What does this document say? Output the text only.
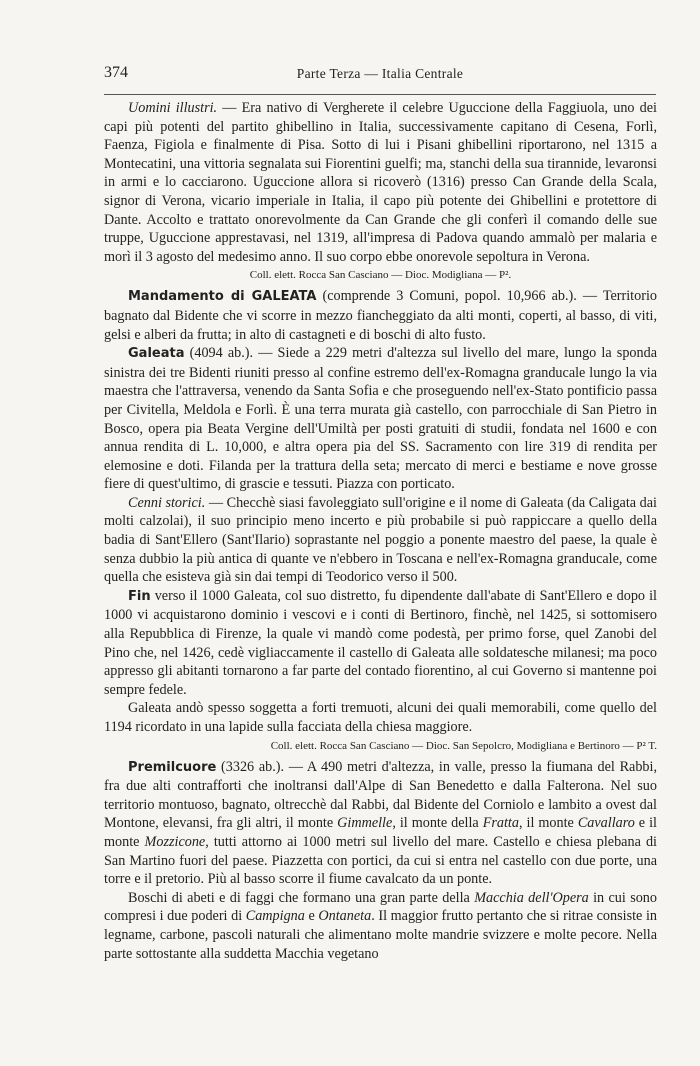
374	Parte Terza — Italia Centrale

Uomini illustri. — Era nativo di Vergherete il celebre Uguccione della Faggiuola, uno dei capi più potenti del partito ghibellino in Italia, successivamente capitano di Cesena, Forlì, Faenza, Figiola e finalmente di Pisa. Sotto di lui i Pisani ghibellini riportarono, nel 1315 a Montecatini, una vittoria segnalata sui Fiorentini guelfi; ma, stanchi della sua tirannide, levaronsi in armi e lo cacciarono. Uguccione allora si ricoverò (1316) presso Can Grande della Scala, signor di Verona, vicario imperiale in Italia, il capo più potente dei Ghibellini e protettore di Dante. Accolto e trattato onorevolmente da Can Grande che gli conferì il comando delle sue truppe, Uguccione apprestavasi, nel 1319, all'impresa di Padova quando ammalò per malaria e morì il 3 agosto del medesimo anno. Il suo corpo ebbe onorevole sepoltura in Verona.

Coll. elett. Rocca San Casciano — Dioc. Modigliana — P².

Mandamento di GALEATA (comprende 3 Comuni, popol. 10,966 ab.). — Territorio bagnato dal Bidente che vi scorre in mezzo fiancheggiato da alti monti, coperti, al basso, di viti, gelsi e alberi da frutta; in alto di castagneti e di boschi di alto fusto.

Galeata (4094 ab.). — Siede a 229 metri d'altezza sul livello del mare, lungo la sponda sinistra dei tre Bidenti riuniti presso al confine estremo dell'ex-Romagna granducale lungo la via maestra che l'attraversa, venendo da Santa Sofia e che proseguendo nell'ex-Stato pontificio passa per Civitella, Meldola e Forlì. È una terra murata già castello, con parrocchiale di San Pietro in Bosco, opera pia Beata Vergine dell'Umiltà per posti gratuiti di studii, fondata nel 1600 e con annua rendita di L. 10,000, e altra opera pia del SS. Sacramento con lire 319 di rendita per elemosine e doti. Filanda per la trattura della seta; mercato di merci e bestiame e nove grosse fiere di quest'ultimo, di grascie e tessuti. Piazza con porticato.

Cenni storici. — Checchè siasi favoleggiato sull'origine e il nome di Galeata (da Caligata dai molti calzolai), il suo principio meno incerto e più probabile si può rappiccare a quello della badia di Sant'Ellero (Sant'Ilario) soprastante nel poggio a ponente maestro del paese, la quale è senza dubbio la più antica di quante ve n'ebbero in Toscana e nell'ex-Romagna granducale, come quella che esisteva già sin dai tempi di Teodorico verso il 500.

Fin verso il 1000 Galeata, col suo distretto, fu dipendente dall'abate di Sant'Ellero e dopo il 1000 vi acquistarono dominio i vescovi e i conti di Bertinoro, finchè, nel 1425, si sottomisero alla Repubblica di Firenze, la quale vi mandò come podestà, per primo forse, quel Zanobi del Pino che, nel 1426, cedè vigliaccamente il castello di Galeata alle soldatesche milanesi; ma poco appresso gli abitanti tornarono a far parte del contado fiorentino, al cui Governo si mantenne poi sempre fedele.

Galeata andò spesso soggetta a forti tremuoti, alcuni dei quali memorabili, come quello del 1194 ricordato in una lapide sulla facciata della chiesa maggiore.

Coll. elett. Rocca San Casciano — Dioc. San Sepolcro, Modigliana e Bertinoro — P² T.

Premilcuore (3326 ab.). — A 490 metri d'altezza, in valle, presso la fiumana del Rabbi, fra due alti contrafforti che inoltransi dall'Alpe di San Benedetto e dalla Falterona. Nel suo territorio montuoso, bagnato, oltrecchè dal Rabbi, dal Bidente del Corniolo e lambito a ovest dal Montone, elevansi, fra gli altri, il monte Gimmelle, il monte della Fratta, il monte Cavallaro e il monte Mozzicone, tutti attorno ai 1000 metri sul livello del mare. Castello e chiesa plebana di San Martino fuori del paese. Piazzetta con portici, da cui si entra nel castello con due porte, una torre e il pretorio. Più al basso scorre il fiume cavalcato da un ponte.

Boschi di abeti e di faggi che formano una gran parte della Macchia dell'Opera in cui sono compresi i due poderi di Campigna e Ontaneta. Il maggior frutto pertanto che si ritrae consiste in legname, carbone, pascoli naturali che alimentano molte mandrie svizzere e molte pecore. Nella parte sottostante alla suddetta Macchia vegetano
